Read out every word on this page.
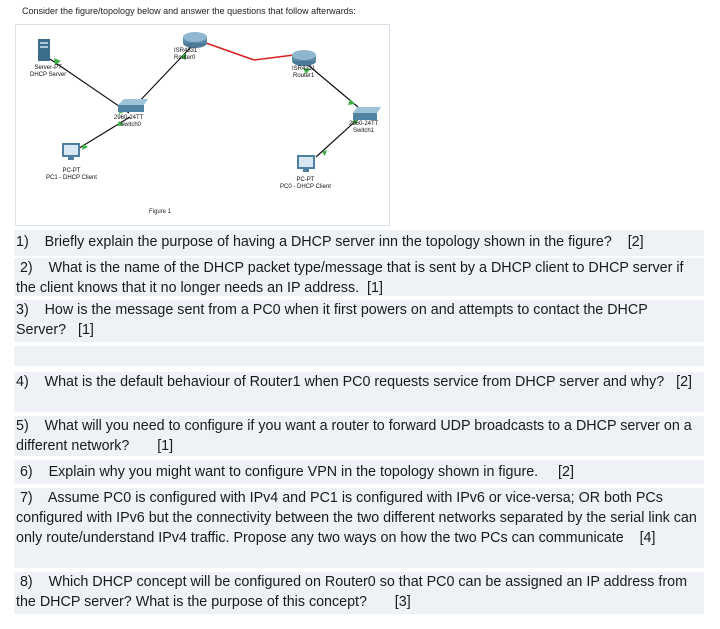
Consider the figure/topology below and answer the questions that follow afterwards:
Server-PT
DHCP Server
ISR4331
Router0
ISR4321
Router1
2960-24TT
Switch0	2960-24TT
Switch1
PC-PT
PC1 - DHCP Client	PC-PT
PC0 - DHCP Client
Figure 1
1) Briefly explain the purpose of having a DHCP server inn the topology shown in the figure? [2]
2) What is the name of the DHCP packet type/message that is sent by a DHCP client to DHCP server if the client knows that it no longer needs an IP address. [1]
3) How is the message sent from a PC0 when it first powers on and attempts to contact the DHCP Server? [1]
4) What is the default behaviour of Router1 when PC0 requests service from DHCP server and why? [2]
5) What will you need to configure if you want a router to forward UDP broadcasts to a DHCP server on a different network? [1]
6) Explain why you might want to configure VPN in the topology shown in figure. [2]
7) Assume PC0 is configured with IPv4 and PC1 is configured with IPv6 or vice-versa; OR both PCs configured with IPv6 but the connectivity between the two different networks separated by the serial link can only route/understand IPv4 traffic. Propose any two ways on how the two PCs can communicate [4]
8) Which DHCP concept will be configured on Router0 so that PC0 can be assigned an IP address from the DHCP server? What is the purpose of this concept? [3]
